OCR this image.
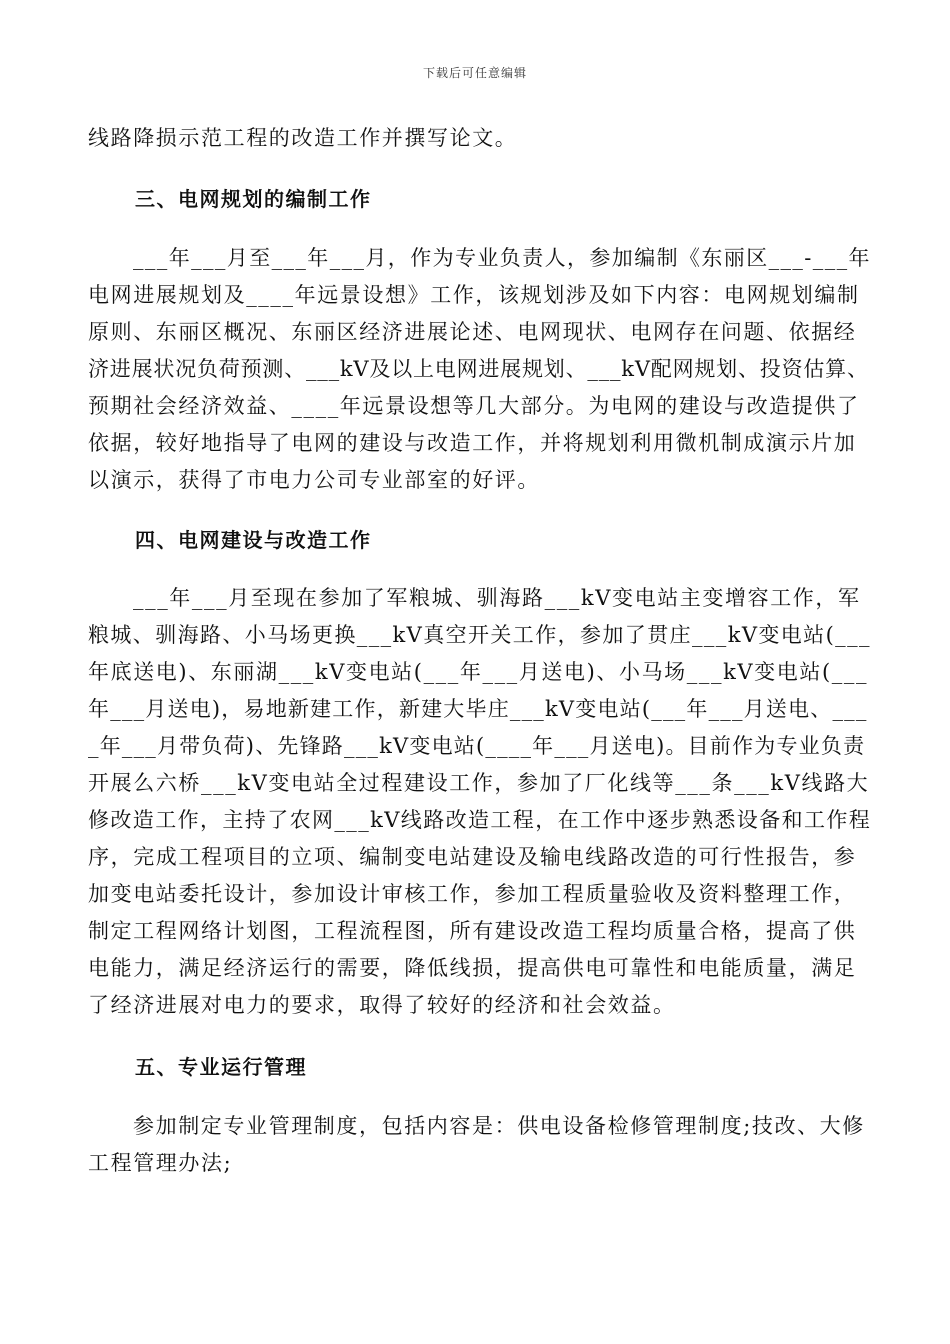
下载后可任意编辑
线路降损示范工程的改造工作并撰写论文。
三、电网规划的编制工作
___年___月至___年___月，作为专业负责人，参加编制《东丽区___-___年
电网进展规划及____年远景设想》工作，该规划涉及如下内容：电网规划编制
原则、东丽区概况、东丽区经济进展论述、电网现状、电网存在问题、依据经
济进展状况负荷预测、___kV及以上电网进展规划、___kV配网规划、投资估算、
预期社会经济效益、____年远景设想等几大部分。为电网的建设与改造提供了
依据，较好地指导了电网的建设与改造工作，并将规划利用微机制成演示片加
以演示，获得了市电力公司专业部室的好评。
四、电网建设与改造工作
___年___月至现在参加了军粮城、驯海路___kV变电站主变增容工作，军
粮城、驯海路、小马场更换___kV真空开关工作，参加了贯庄___kV变电站(___
年底送电)、东丽湖___kV变电站(___年___月送电)、小马场___kV变电站(___
年___月送电)，易地新建工作，新建大毕庄___kV变电站(___年___月送电、___
_年___月带负荷)、先锋路___kV变电站(____年___月送电)。目前作为专业负责
开展么六桥___kV变电站全过程建设工作，参加了厂化线等___条___kV线路大
修改造工作，主持了农网___kV线路改造工程，在工作中逐步熟悉设备和工作程
序，完成工程项目的立项、编制变电站建设及输电线路改造的可行性报告，参
加变电站委托设计，参加设计审核工作，参加工程质量验收及资料整理工作，
制定工程网络计划图，工程流程图，所有建设改造工程均质量合格，提高了供
电能力，满足经济运行的需要，降低线损，提高供电可靠性和电能质量，满足
了经济进展对电力的要求，取得了较好的经济和社会效益。
五、专业运行管理
参加制定专业管理制度，包括内容是：供电设备检修管理制度;技改、大修
工程管理办法;
